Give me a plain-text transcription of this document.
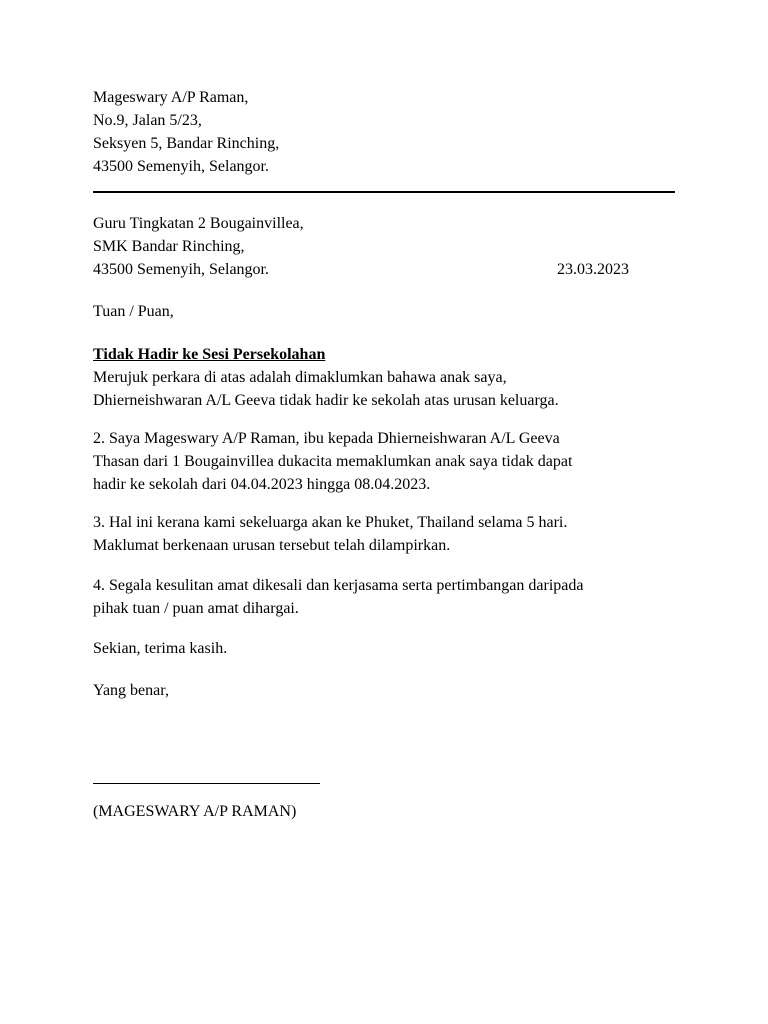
Mageswary A/P Raman,
No.9, Jalan 5/23,
Seksyen 5, Bandar Rinching,
43500 Semenyih, Selangor.
Guru Tingkatan 2 Bougainvillea,
SMK Bandar Rinching,
43500 Semenyih, Selangor.	23.03.2023
Tuan / Puan,
Tidak Hadir ke Sesi Persekolahan
Merujuk perkara di atas adalah dimaklumkan bahawa anak saya,
Dhierneishwaran A/L Geeva tidak hadir ke sekolah atas urusan keluarga.
2. Saya Mageswary A/P Raman, ibu kepada Dhierneishwaran A/L Geeva
Thasan dari 1 Bougainvillea dukacita memaklumkan anak saya tidak dapat
hadir ke sekolah dari 04.04.2023 hingga 08.04.2023.
3. Hal ini kerana kami sekeluarga akan ke Phuket, Thailand selama 5 hari.
Maklumat berkenaan urusan tersebut telah dilampirkan.
4. Segala kesulitan amat dikesali dan kerjasama serta pertimbangan daripada
pihak tuan / puan amat dihargai.
Sekian, terima kasih.
Yang benar,
(MAGESWARY A/P RAMAN)
